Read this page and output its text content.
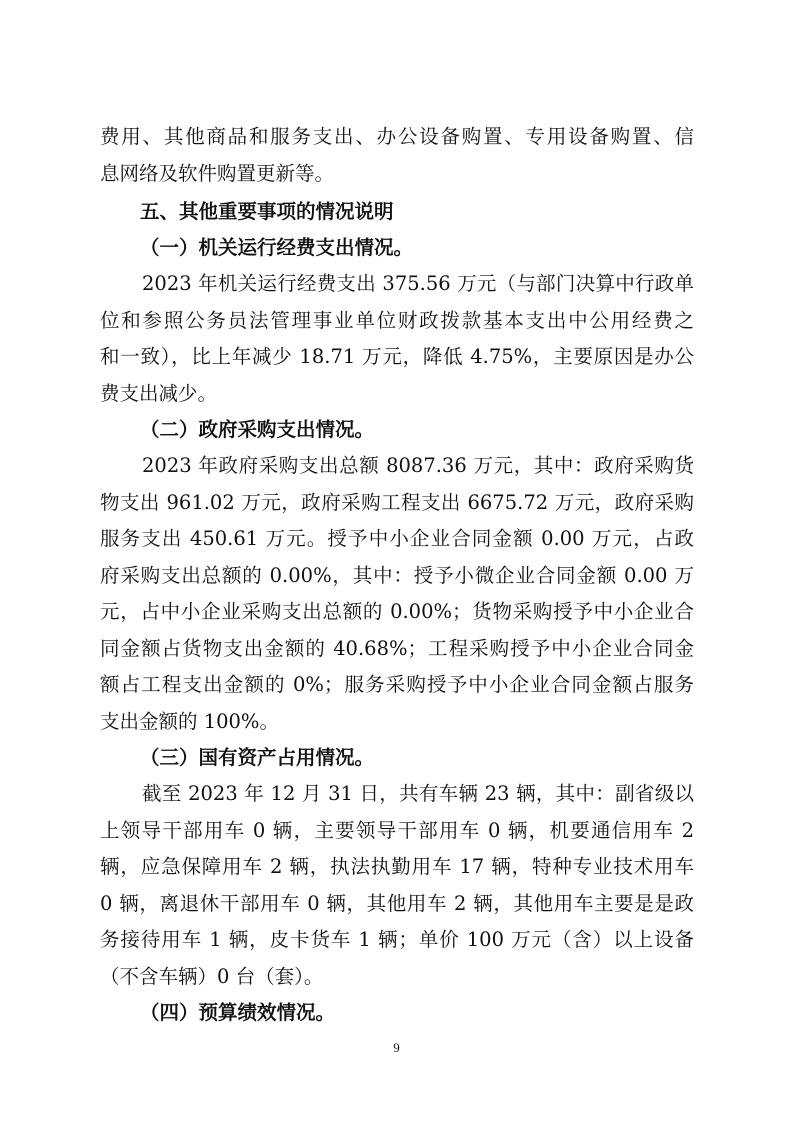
费用、其他商品和服务支出、办公设备购置、专用设备购置、信
息网络及软件购置更新等。
五、其他重要事项的情况说明
（一）机关运行经费支出情况。
2023 年机关运行经费支出 375.56 万元（与部门决算中行政单
位和参照公务员法管理事业单位财政拨款基本支出中公用经费之
和一致），比上年减少 18.71 万元，降低 4.75%，主要原因是办公
费支出减少。
（二）政府采购支出情况。
2023 年政府采购支出总额 8087.36 万元，其中：政府采购货
物支出 961.02 万元，政府采购工程支出 6675.72 万元，政府采购
服务支出 450.61 万元。授予中小企业合同金额 0.00 万元，占政
府采购支出总额的 0.00%，其中：授予小微企业合同金额 0.00 万
元，占中小企业采购支出总额的 0.00%；货物采购授予中小企业合
同金额占货物支出金额的 40.68%；工程采购授予中小企业合同金
额占工程支出金额的 0%；服务采购授予中小企业合同金额占服务
支出金额的 100%。
（三）国有资产占用情况。
截至 2023 年 12 月 31 日，共有车辆 23 辆，其中：副省级以
上领导干部用车 0 辆，主要领导干部用车 0 辆，机要通信用车 2
辆，应急保障用车 2 辆，执法执勤用车 17 辆，特种专业技术用车
0 辆，离退休干部用车 0 辆，其他用车 2 辆，其他用车主要是是政
务接待用车 1 辆，皮卡货车 1 辆；单价 100 万元（含）以上设备
（不含车辆）0 台（套）。
（四）预算绩效情况。
9
